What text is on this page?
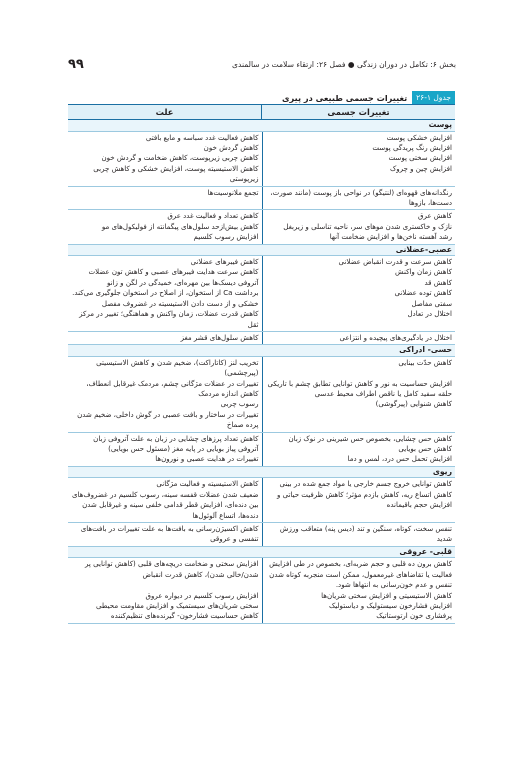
۹۹	بخش ۶: تکامل در دوران زندگی ● فصل ۲۶: ارتقاء سلامت در سالمندی
جدول ۱-۲۶
تغییرات جسمی طبیعی در پیری
تغییرات جسمی
علت
پوست
افزایش خشکی پوست
افزایش رنگ پریدگی پوست
افزایش سختی پوست
افزایش چین و چروک
کاهش فعالیت غدد سباسه و مایع بافتی
کاهش گردش خون
کاهش چربی زیرپوست، کاهش ضخامت و گردش خون
کاهش الاستیسیته پوست، افزایش خشکی و کاهش چربی زیرپوستی
رنگدانه‌های قهوه‌ای (لنتیگو) در نواحی باز پوست (مانند صورت، دست‌ها، بازوها
تجمع ملانوسیت‌ها
کاهش عرق
نازک و خاکستری شدن موهای سر، ناحیه تناسلی و زیربغل
رشد آهسته ناخن‌ها و افزایش ضخامت آنها
کاهش تعداد و فعالیت غدد عرق
کاهش بیش‌ازحد سلول‌های پیگمانته از فولیکول‌های مو
افزایش رسوب کلسیم
عصبی-عضلانی
کاهش سرعت و قدرت انقباض عضلانی
کاهش زمان واکنش
کاهش قد
کاهش توده عضلانی
سفتی مفاصل
اختلال در تعادل
کاهش فیبرهای عضلانی
کاهش سرعت هدایت فیبرهای عصبی و کاهش تون عضلات
آتروفی دیسک‌ها بین مهره‌ای، خمیدگی در لگن و زانو
برداشت Ca از استخوان، از اصلاح در استخوان جلوگیری می‌کند.
خشکی و از دست دادن الاستیسیته در غضروف مفصل
کاهش قدرت عضلات، زمان واکنش و هماهنگی؛ تغییر در مرکز ثقل
اختلال در یادگیری‌های پیچیده و انتزاعی
کاهش سلول‌های قشر مغز
حسی- ادراکی
کاهش حدّت بینایی

افزایش حساسیت به نور و کاهش توانایی تطابق چشم با تاریکی
حلقه سفید کامل یا ناقص اطراف محیط عدسی
کاهش شنوایی (پیرگوشی)
تخریب لنز (کاتاراکت)، ضخیم شدن و کاهش الاستیسیتی (پیرچشمی)
تغییرات در عضلات مژگانی چشم، مردمک غیرقابل انعطاف،
کاهش اندازه مردمک
رسوب چربی
تغییرات در ساختار و بافت عصبی در گوش داخلی، ضخیم شدن پرده صماخ
کاهش حس چشایی، بخصوص حس شیرینی در نوک زبان
کاهش حس بویایی
افزایش تحمل حس درد، لمس و دما
کاهش تعداد پرزهای چشایی در زبان به علت آتروفی زبان
آتروفی پیاز بویایی در پایه مغز (مسئول حس بویایی)
تغییرات در هدایت عصبی و نورون‌ها
ریوی
کاهش توانایی خروج جسم خارجی یا مواد جمع شده در بینی
کاهش اتساع ریه، کاهش بازدم مؤثر؛ کاهش ظرفیت حیاتی و افزایش حجم باقیمانده
کاهش الاستیسیته و فعالیت مژگانی
ضعیف شدن عضلات قفسه سینه، رسوب کلسیم در غضروف‌های بین دنده‌ای، افزایش قطر قدامی خلفی سینه و غیرقابل شدن دنده‌ها، اتساع آلوئول‌ها
تنفس سخت، کوتاه، سنگین و تند (دیس پنه) متعاقب ورزش شدید
کاهش اکسیژن‌رسانی به بافت‌ها به علت تغییرات در بافت‌های تنفسی و عروقی
قلبی- عروقی
کاهش برون ده قلبی و حجم ضربه‌ای، بخصوص در طی افزایش فعالیت یا تقاضاهای غیرمعمول، ممکن است منجربه کوتاه شدن تنفس و عدم خون‌رسانی به انتهاها شود.
کاهش الاستیسیتی و افزایش سختی شریان‌ها
افزایش فشارخون سیستولیک و دیاستولیک
پرفشاری خون ارتوستاتیک
افزایش سختی و ضخامت دریچه‌های قلبی (کاهش توانایی پر شدن/خالی شدن)، کاهش قدرت انقباض

افزایش رسوب کلسیم در دیواره عروق
سختی شریان‌های سیستمیک و افزایش مقاومت محیطی
کاهش حساسیت فشارخون- گیرنده‌های تنظیم‌کننده
